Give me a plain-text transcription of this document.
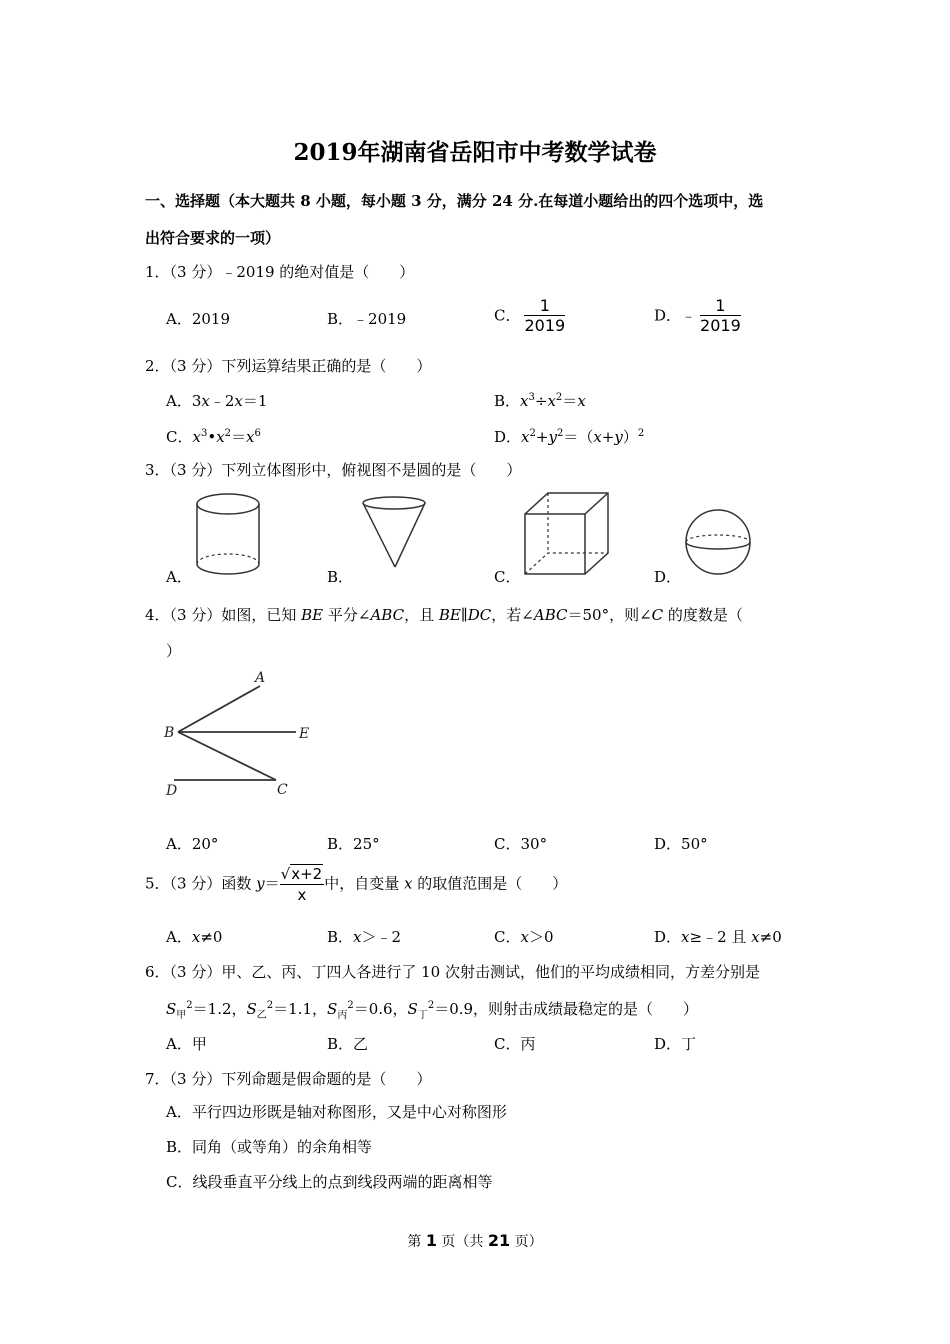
2019年湖南省岳阳市中考数学试卷
一、选择题（本大题共 8 小题，每小题 3 分，满分 24 分.在每道小题给出的四个选项中，选
出符合要求的一项）
1．（3 分）﹣2019 的绝对值是（　　）
A．2019	B．﹣2019	C． $\frac{1}{2019}$	D．﹣ $\frac{1}{2019}$
2．（3 分）下列运算结果正确的是（　　）
A．3x﹣2x＝1	B．$x^3\div x^2=x$
C．$x^3•x^2=x^6$	D．$x^2+y^2=(x+y)^2$
3．（3 分）下列立体图形中，俯视图不是圆的是（　　）
A．	B．	C．	D．
4．（3 分）如图，已知 BE 平分∠ABC，且 BE∥DC，若∠ABC＝50°，则∠C 的度数是（
）
A
B	E
D	C
A．20°	B．25°	C．30°	D．50°
5．（3 分）函数 $y= \frac{√x+2}{x}$ 中，自变量 x 的取值范围是（　　）
A．x≠0	B．x＞﹣2	C．x＞0	D．x≥﹣2 且 x≠0
6．（3 分）甲、乙、丙、丁四人各进行了 10 次射击测试，他们的平均成绩相同，方差分别是
$S_甲^2=1.2$，$S_乙^2=1.1$，$S_丙^2=0.6$，$S_丁^2=0.9$，则射击成绩最稳定的是（　　）
A．甲	B．乙	C．丙	D．丁
7．（3 分）下列命题是假命题的是（　　）
A．平行四边形既是轴对称图形，又是中心对称图形
B．同角（或等角）的余角相等
C．线段垂直平分线上的点到线段两端的距离相等
第 1 页（共 21 页）
